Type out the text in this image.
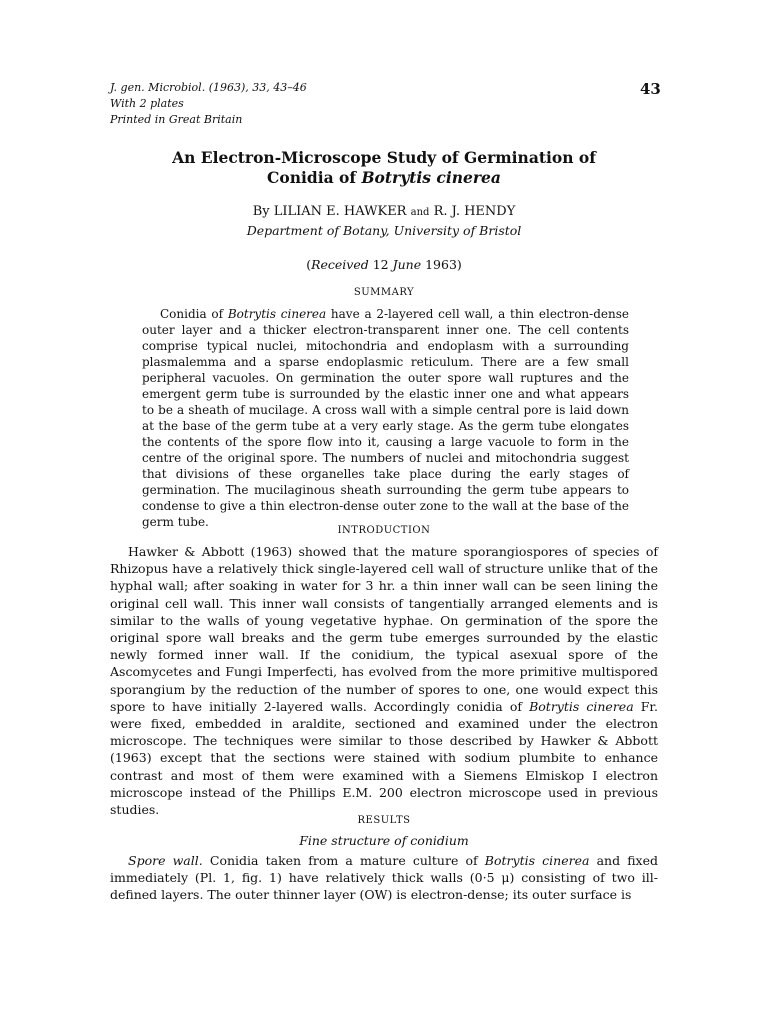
J. gen. Microbiol. (1963), 33, 43–46
With 2 plates
Printed in Great Britain
43
An Electron-Microscope Study of Germination of
Conidia of Botrytis cinerea
By LILIAN E. HAWKER and R. J. HENDY
Department of Botany, University of Bristol
(Received 12 June 1963)
SUMMARY

Conidia of Botrytis cinerea have a 2-layered cell wall, a thin electron-dense outer layer and a thicker electron-transparent inner one. The cell contents comprise typical nuclei, mitochondria and endoplasm with a surrounding plasmalemma and a sparse endoplasmic reticulum. There are a few small peripheral vacuoles. On germination the outer spore wall ruptures and the emergent germ tube is surrounded by the elastic inner one and what appears to be a sheath of mucilage. A cross wall with a simple central pore is laid down at the base of the germ tube at a very early stage. As the germ tube elongates the contents of the spore flow into it, causing a large vacuole to form in the centre of the original spore. The numbers of nuclei and mitochondria suggest that divisions of these organelles take place during the early stages of germination. The mucilaginous sheath surrounding the germ tube appears to condense to give a thin electron-dense outer zone to the wall at the base of the germ tube.

INTRODUCTION

Hawker & Abbott (1963) showed that the mature sporangiospores of species of Rhizopus have a relatively thick single-layered cell wall of structure unlike that of the hyphal wall; after soaking in water for 3 hr. a thin inner wall can be seen lining the original cell wall. This inner wall consists of tangentially arranged elements and is similar to the walls of young vegetative hyphae. On germination of the spore the original spore wall breaks and the germ tube emerges surrounded by the elastic newly formed inner wall. If the conidium, the typical asexual spore of the Ascomycetes and Fungi Imperfecti, has evolved from the more primitive multispored sporangium by the reduction of the number of spores to one, one would expect this spore to have initially 2-layered walls. Accordingly conidia of Botrytis cinerea Fr. were fixed, embedded in araldite, sectioned and examined under the electron microscope. The techniques were similar to those described by Hawker & Abbott (1963) except that the sections were stained with sodium plumbite to enhance contrast and most of them were examined with a Siemens Elmiskop I electron microscope instead of the Phillips E.M. 200 electron microscope used in previous studies.

RESULTS
Fine structure of conidium

Spore wall. Conidia taken from a mature culture of Botrytis cinerea and fixed immediately (Pl. 1, fig. 1) have relatively thick walls (0·5 μ) consisting of two ill-defined layers. The outer thinner layer (OW) is electron-dense; its outer surface is
